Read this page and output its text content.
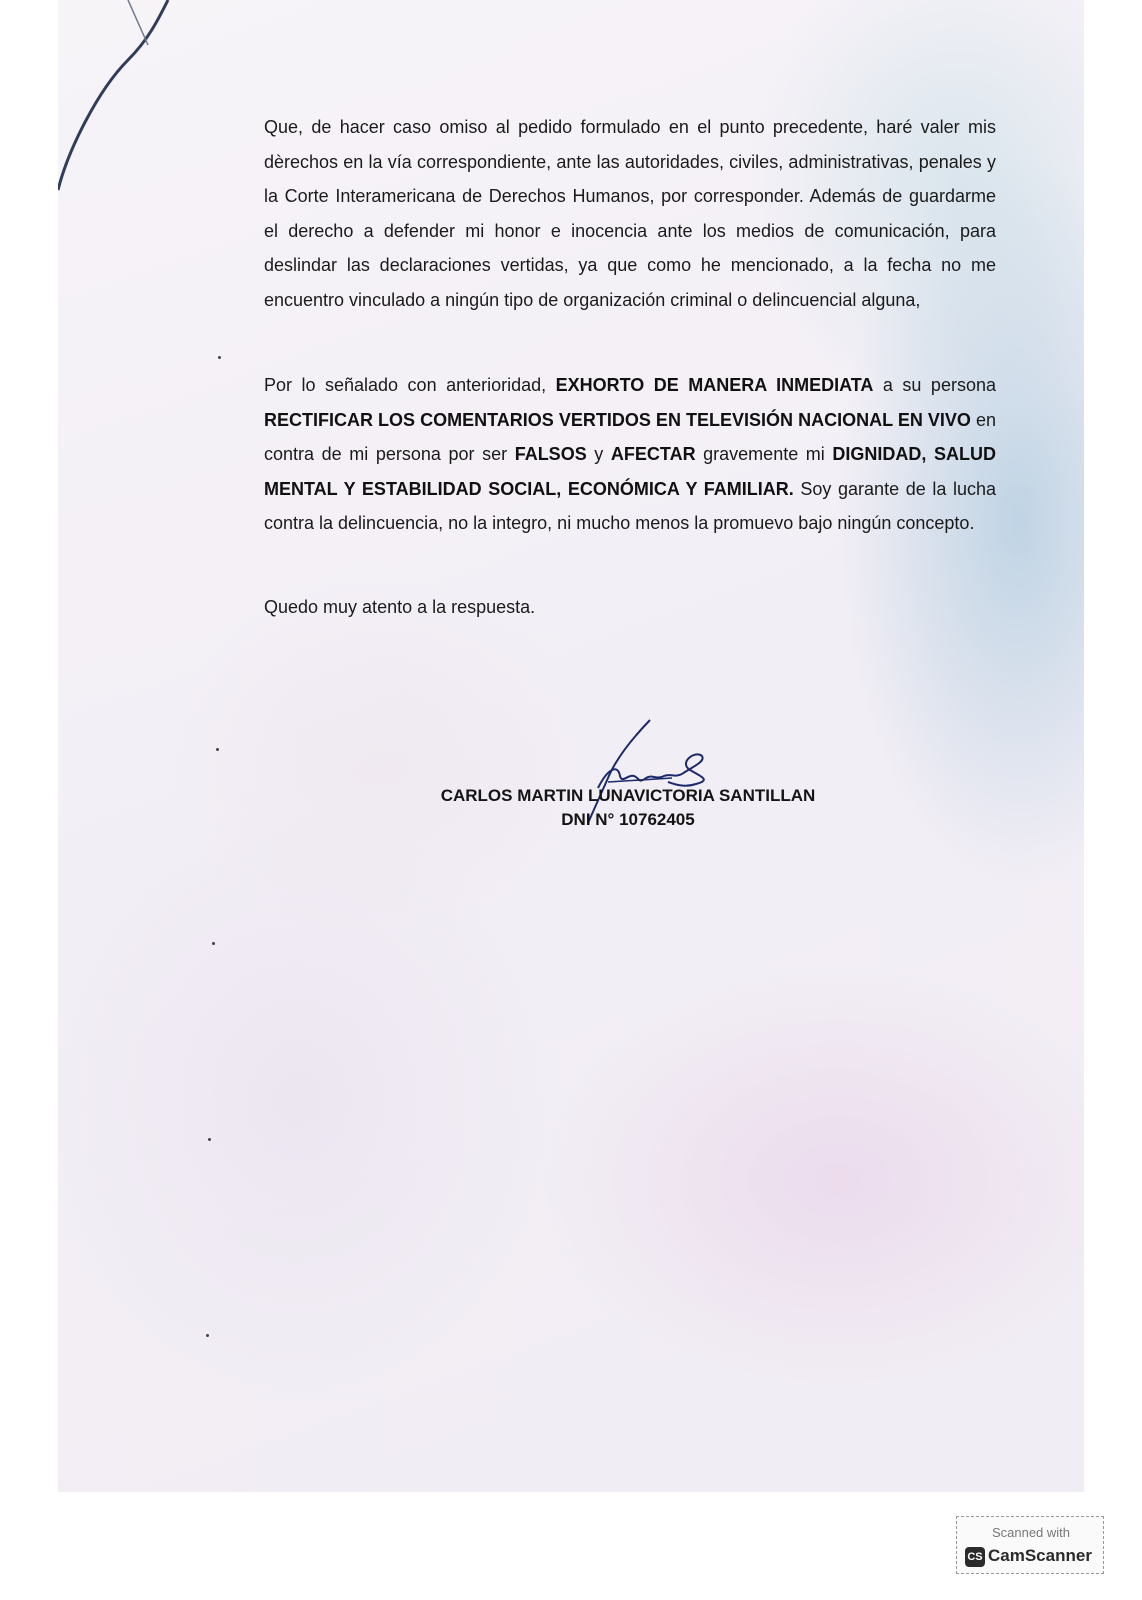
Que, de hacer caso omiso al pedido formulado en el punto precedente, haré valer mis dèrechos en la vía correspondiente, ante las autoridades, civiles, administrativas, penales y la Corte Interamericana de Derechos Humanos, por corresponder. Además de guardarme el derecho a defender mi honor e inocencia ante los medios de comunicación, para deslindar las declaraciones vertidas, ya que como he mencionado, a la fecha no me encuentro vinculado a ningún tipo de organización criminal o delincuencial alguna,

Por lo señalado con anterioridad, EXHORTO DE MANERA INMEDIATA a su persona RECTIFICAR LOS COMENTARIOS VERTIDOS EN TELEVISIÓN NACIONAL EN VIVO en contra de mi persona por ser FALSOS y AFECTAR gravemente mi DIGNIDAD, SALUD MENTAL Y ESTABILIDAD SOCIAL, ECONÓMICA Y FAMILIAR. Soy garante de la lucha contra la delincuencia, no la integro, ni mucho menos la promuevo bajo ningún concepto.

Quedo muy atento a la respuesta.

CARLOS MARTIN LUNAVICTORIA SANTILLAN

DNI N° 10762405

Scanned with
CS CamScanner
